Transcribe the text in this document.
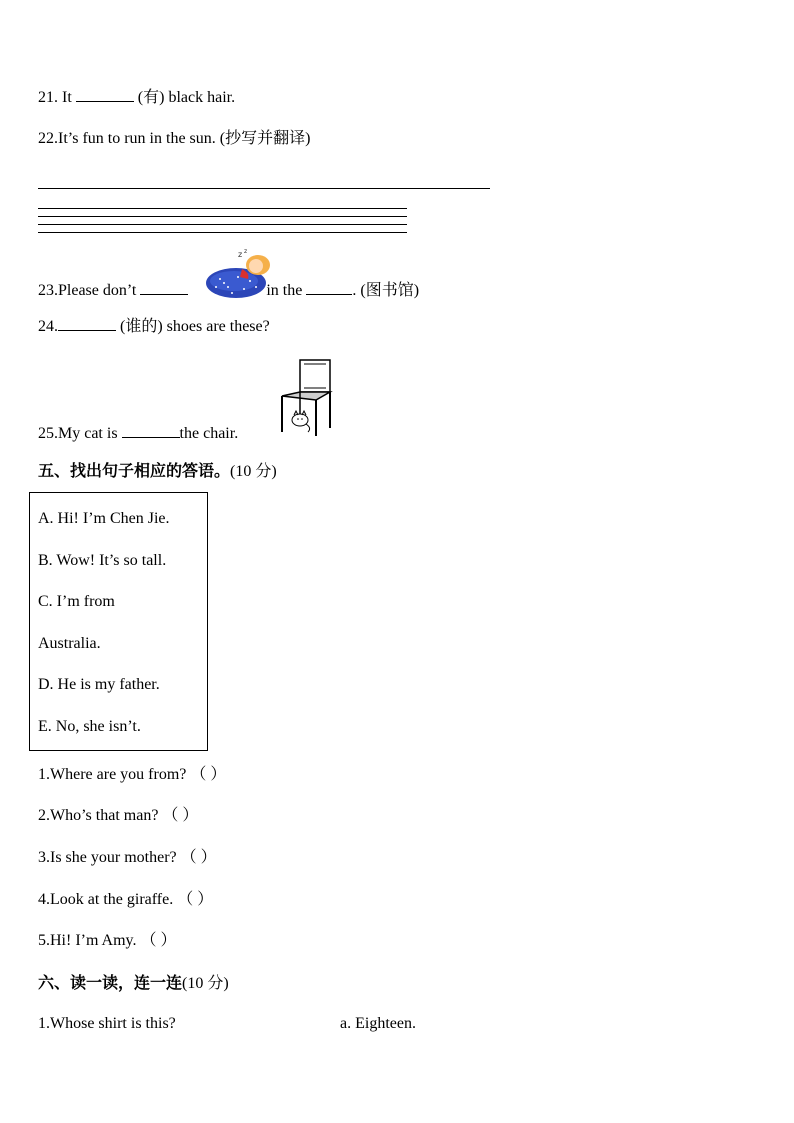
21. It	(有) black hair.
22.It’s fun to run in the sun. (抄写并翻译)
23.Please don’t	in the	. (图书馆)
z z
24.	(谁的) shoes are these?
25.My cat is	the chair.
五、找出句子相应的答语。(10 分)
A. Hi! I’m Chen Jie.
B. Wow! It’s so tall.
C. I’m from
Australia.
D. He is my father.
E. No, she isn’t.
1.Where are you from? （ ）
2.Who’s that man? （ ）
3.Is she your mother? （ ）
4.Look at the giraffe. （ ）
5.Hi! I’m Amy. （ ）
六、读一读，连一连(10 分)
1.Whose shirt is this?	a. Eighteen.
